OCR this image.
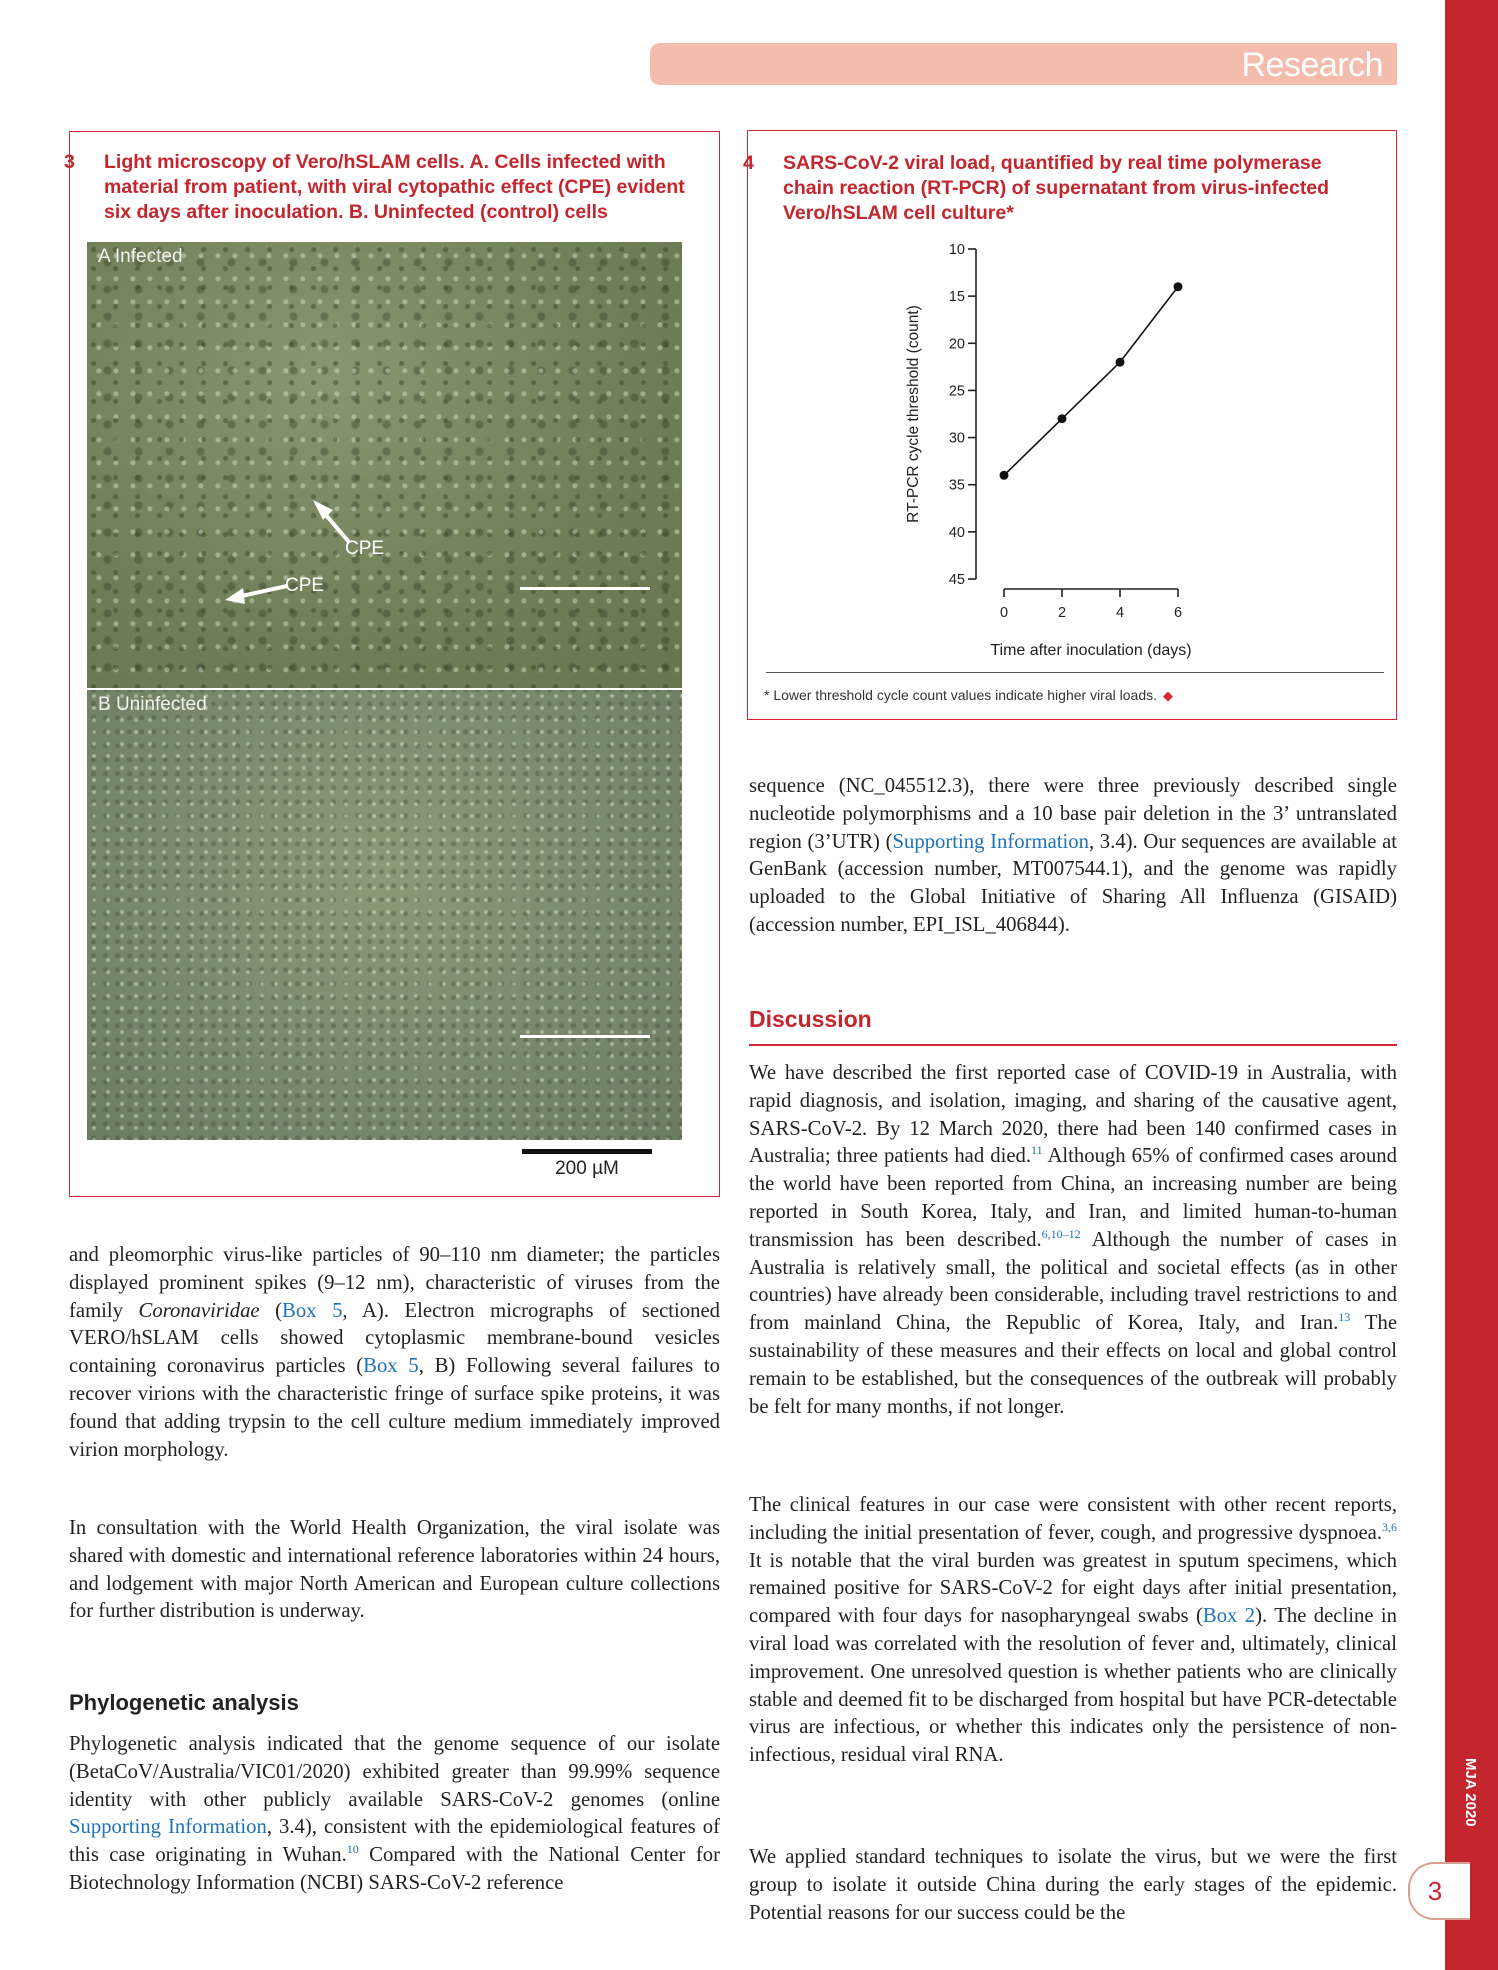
Research
MJA 2020
3
3 Light microscopy of Vero/hSLAM cells. A. Cells infected with material from patient, with viral cytopathic effect (CPE) evident six days after inoculation. B. Uninfected (control) cells
A Infected
CPE
CPE
B Uninfected
200 µM
4 SARS-CoV-2 viral load, quantified by real time polymerase chain reaction (RT-PCR) of supernatant from virus-infected Vero/hSLAM cell culture*
10
15
20
25
30
35
40
45
0	2	4	6
RT-PCR cycle threshold (count)
Time after inoculation (days)
* Lower threshold cycle count values indicate higher viral loads. ◆

sequence (NC_045512.3), there were three previously described single nucleotide polymorphisms and a 10 base pair deletion in the 3’ untranslated region (3’UTR) (Supporting Information, 3.4). Our sequences are available at GenBank (accession number, MT007544.1), and the genome was rapidly uploaded to the Global Initiative of Sharing All Influenza (GISAID) (accession number, EPI_ISL_406844).

Discussion

We have described the first reported case of COVID-19 in Australia, with rapid diagnosis, and isolation, imaging, and sharing of the causative agent, SARS-CoV-2. By 12 March 2020, there had been 140 confirmed cases in Australia; three patients had died.$^{11}$ Although 65% of confirmed cases around the world have been reported from China, an increasing number are being reported in South Korea, Italy, and Iran, and limited human-to-human transmission has been described.$^{6,10-12}$ Although the number of cases in Australia is relatively small, the political and societal effects (as in other countries) have already been considerable, including travel restrictions to and from mainland China, the Republic of Korea, Italy, and Iran.$^{13}$ The sustainability of these measures and their effects on local and global control remain to be established, but the consequences of the outbreak will probably be felt for many months, if not longer.

The clinical features in our case were consistent with other recent reports, including the initial presentation of fever, cough, and progressive dyspnoea.$^{3,6}$ It is notable that the viral burden was greatest in sputum specimens, which remained positive for SARS-CoV-2 for eight days after initial presentation, compared with four days for nasopharyngeal swabs (Box 2). The decline in viral load was correlated with the resolution of fever and, ultimately, clinical improvement. One unresolved question is whether patients who are clinically stable and deemed fit to be discharged from hospital but have PCR-detectable virus are infectious, or whether this indicates only the persistence of non-infectious, residual viral RNA.

We applied standard techniques to isolate the virus, but we were the first group to isolate it outside China during the early stages of the epidemic. Potential reasons for our success could be the

and pleomorphic virus-like particles of 90–110 nm diameter; the particles displayed prominent spikes (9–12 nm), characteristic of viruses from the family Coronaviridae (Box 5, A). Electron micrographs of sectioned VERO/hSLAM cells showed cytoplasmic membrane-bound vesicles containing coronavirus particles (Box 5, B) Following several failures to recover virions with the characteristic fringe of surface spike proteins, it was found that adding trypsin to the cell culture medium immediately improved virion morphology.

In consultation with the World Health Organization, the viral isolate was shared with domestic and international reference laboratories within 24 hours, and lodgement with major North American and European culture collections for further distribution is underway.

Phylogenetic analysis

Phylogenetic analysis indicated that the genome sequence of our isolate (BetaCoV/Australia/VIC01/2020) exhibited greater than 99.99% sequence identity with other publicly available SARS-CoV-2 genomes (online Supporting Information, 3.4), consistent with the epidemiological features of this case originating in Wuhan.$^{10}$ Compared with the National Center for Biotechnology Information (NCBI) SARS-CoV-2 reference
